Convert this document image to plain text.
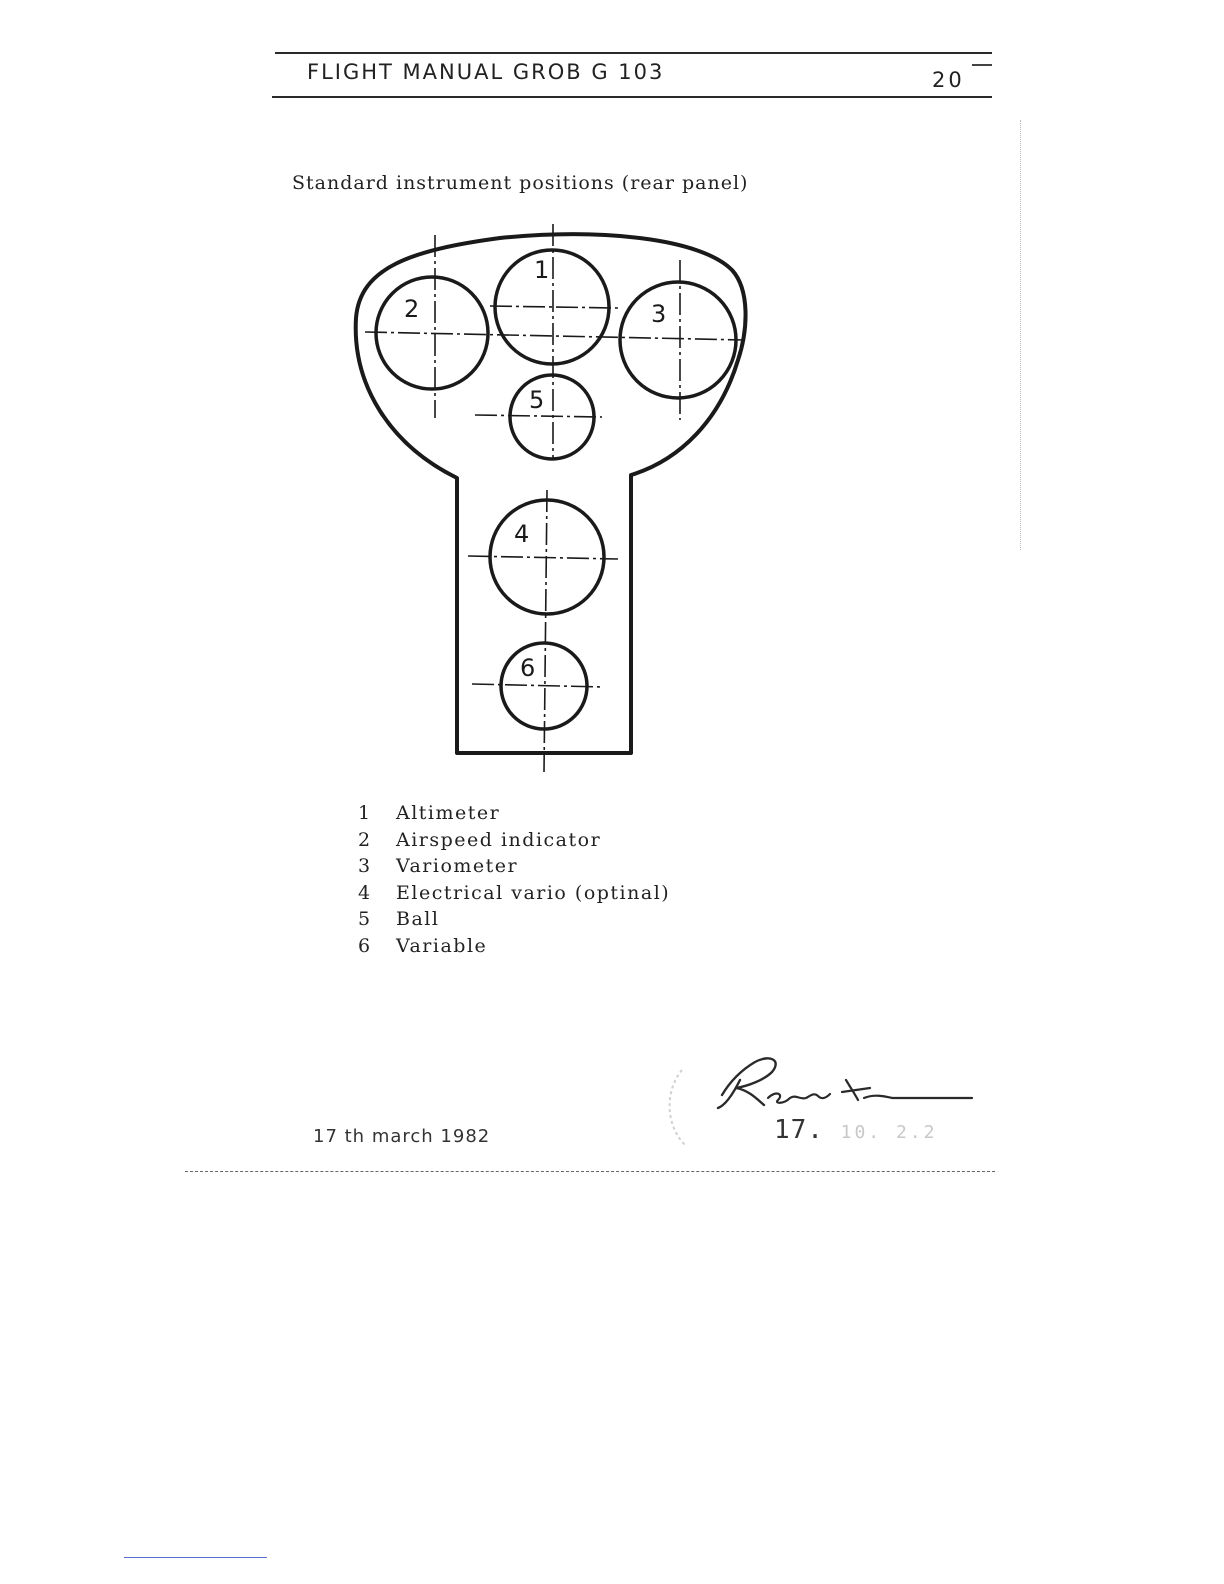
FLIGHT MANUAL GROB G 103	20
Standard instrument positions (rear panel)
1
2	3
5
4
6
1	Altimeter
2	Airspeed indicator
3	Variometer
4	Electrical vario (optinal)
5	Ball
6	Variable
17 th march 1982	17. 10. 2.2
